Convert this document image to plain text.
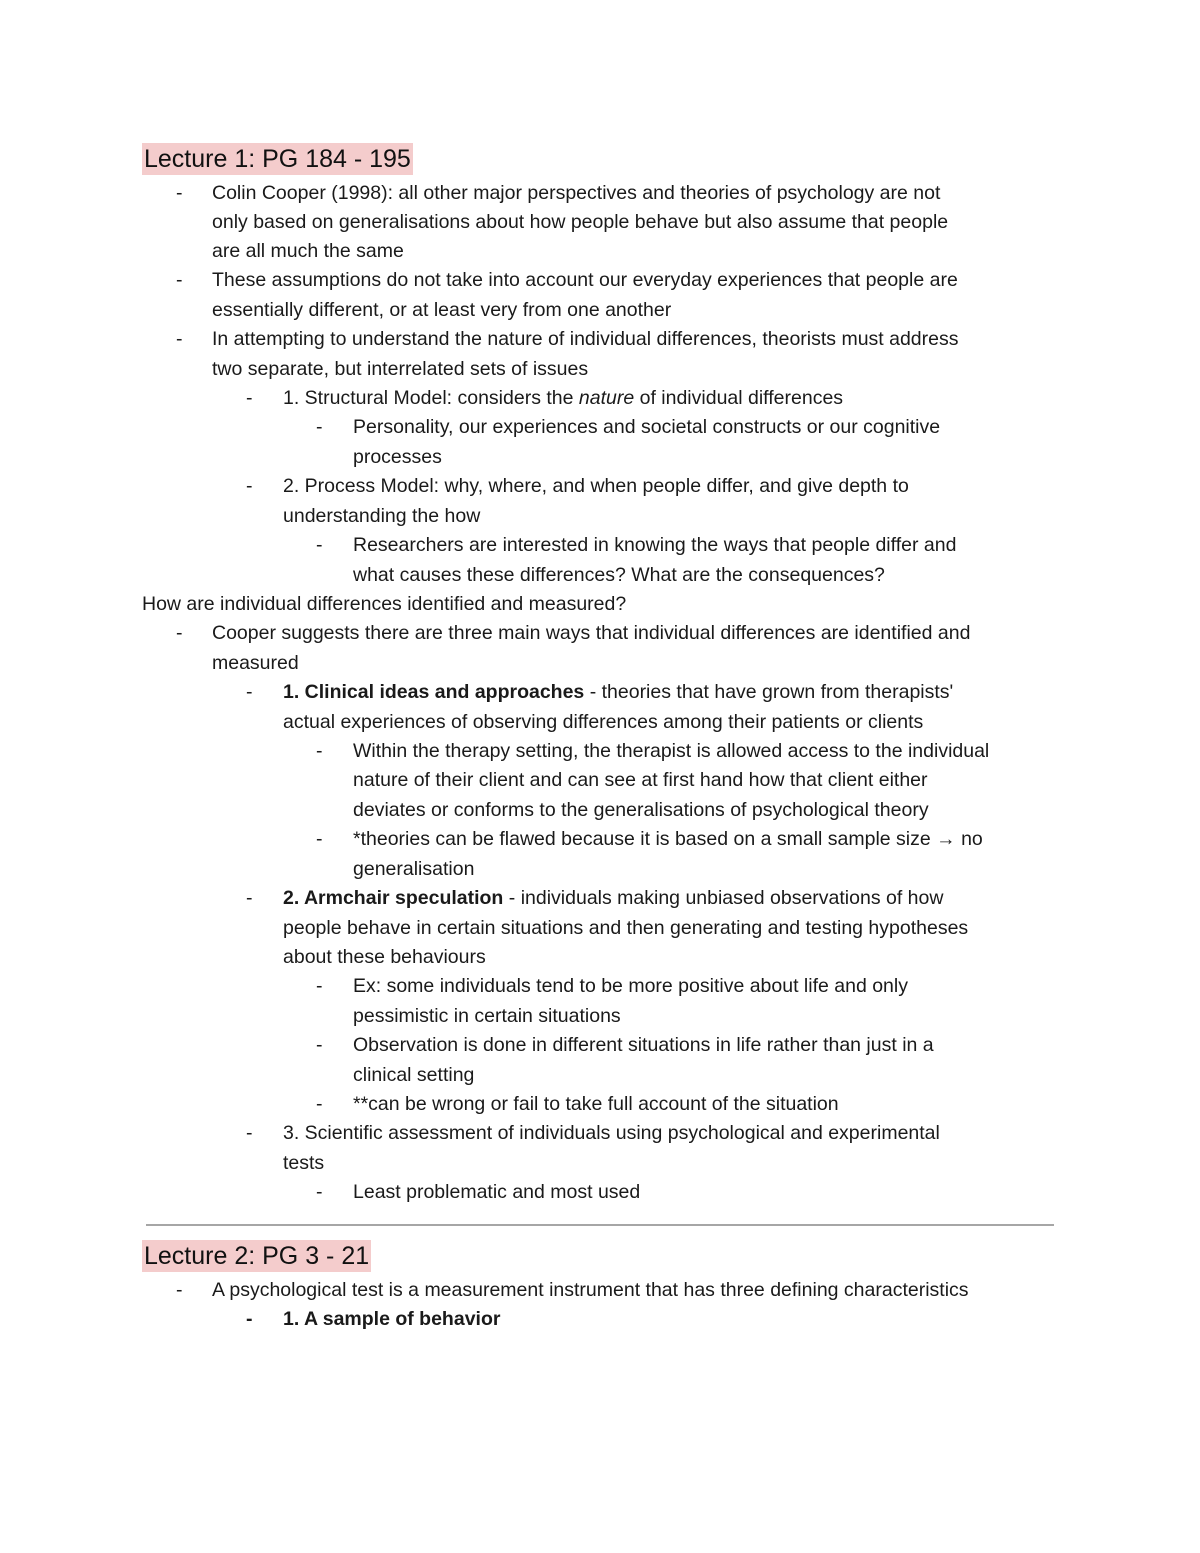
Lecture 1: PG 184 - 195
- Colin Cooper (1998): all other major perspectives and theories of psychology are not
only based on generalisations about how people behave but also assume that people
are all much the same
- These assumptions do not take into account our everyday experiences that people are
essentially different, or at least very from one another
- In attempting to understand the nature of individual differences, theorists must address
two separate, but interrelated sets of issues
- 1. Structural Model: considers the nature of individual differences
- Personality, our experiences and societal constructs or our cognitive
processes
- 2. Process Model: why, where, and when people differ, and give depth to
understanding the how
- Researchers are interested in knowing the ways that people differ and
what causes these differences? What are the consequences?
How are individual differences identified and measured?
- Cooper suggests there are three main ways that individual differences are identified and
measured
- 1. Clinical ideas and approaches - theories that have grown from therapists'
actual experiences of observing differences among their patients or clients
- Within the therapy setting, the therapist is allowed access to the individual
nature of their client and can see at first hand how that client either
deviates or conforms to the generalisations of psychological theory
- *theories can be flawed because it is based on a small sample size → no
generalisation
- 2. Armchair speculation - individuals making unbiased observations of how
people behave in certain situations and then generating and testing hypotheses
about these behaviours
- Ex: some individuals tend to be more positive about life and only
pessimistic in certain situations
- Observation is done in different situations in life rather than just in a
clinical setting
- **can be wrong or fail to take full account of the situation
- 3. Scientific assessment of individuals using psychological and experimental
tests
- Least problematic and most used
Lecture 2: PG 3 - 21
- A psychological test is a measurement instrument that has three defining characteristics
- 1. A sample of behavior
